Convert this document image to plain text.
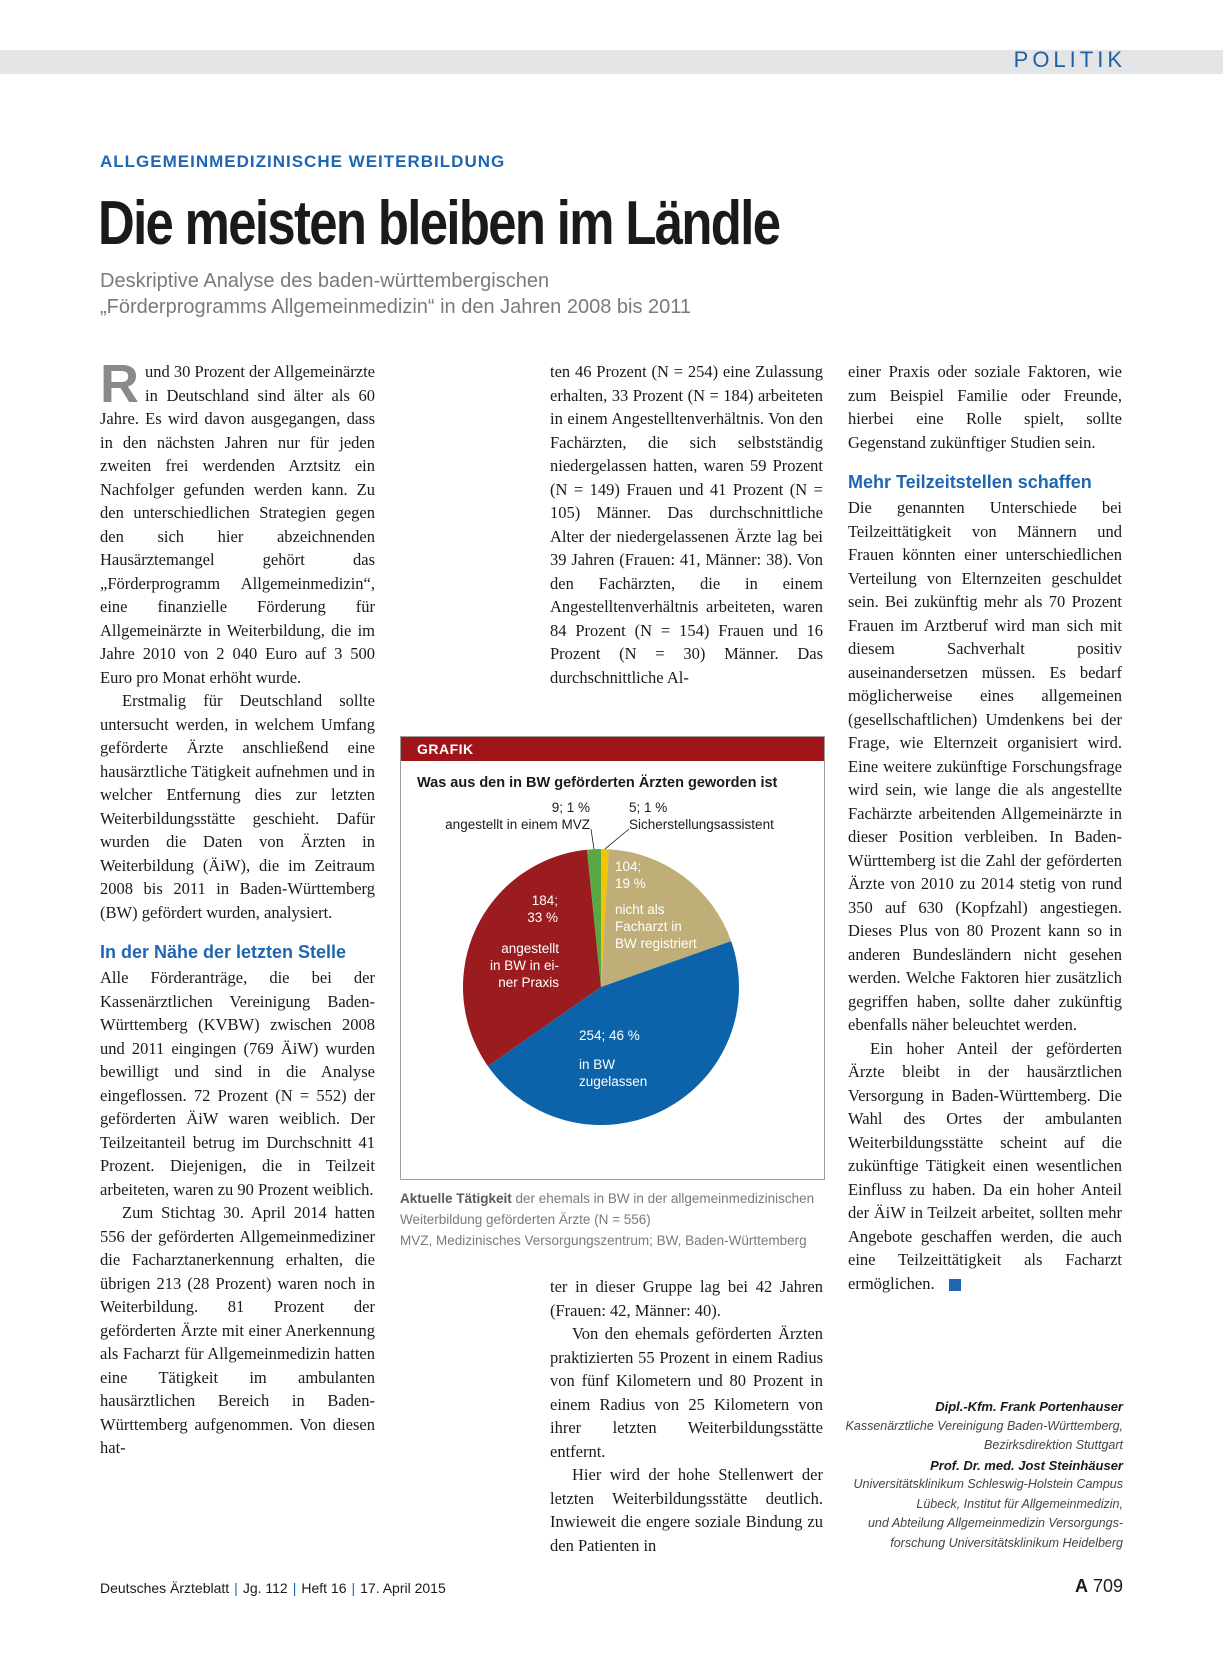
POLITIK
ALLGEMEINMEDIZINISCHE WEITERBILDUNG
Die meisten bleiben im Ländle
Deskriptive Analyse des baden-württembergischen
„Förderprogramms Allgemeinmedizin“ in den Jahren 2008 bis 2011

Rund 30 Prozent der Allgemeinärzte in Deutschland sind älter als 60 Jahre. Es wird davon ausgegangen, dass in den nächsten Jahren nur für jeden zweiten frei werdenden Arztsitz ein Nachfolger gefunden werden kann. Zu den unterschiedlichen Strategien gegen den sich hier abzeichnenden Hausärztemangel gehört das „Förderprogramm Allgemeinmedizin“, eine finanzielle Förderung für Allgemeinärzte in Weiterbildung, die im Jahre 2010 von 2 040 Euro auf 3 500 Euro pro Monat erhöht wurde.

Erstmalig für Deutschland sollte untersucht werden, in welchem Umfang geförderte Ärzte anschließend eine hausärztliche Tätigkeit aufnehmen und in welcher Entfernung dies zur letzten Weiterbildungsstätte geschieht. Dafür wurden die Daten von Ärzten in Weiterbildung (ÄiW), die im Zeitraum 2008 bis 2011 in Baden-Württemberg (BW) gefördert wurden, analysiert.

In der Nähe der letzten Stelle

Alle Förderanträge, die bei der Kassenärztlichen Vereinigung Baden-Württemberg (KVBW) zwischen 2008 und 2011 eingingen (769 ÄiW) wurden bewilligt und sind in die Analyse eingeflossen. 72 Prozent (N = 552) der geförderten ÄiW waren weiblich. Der Teilzeitanteil betrug im Durchschnitt 41 Prozent. Diejenigen, die in Teilzeit arbeiteten, waren zu 90 Prozent weiblich.

Zum Stichtag 30. April 2014 hatten 556 der geförderten Allgemeinmediziner die Facharztanerkennung erhalten, die übrigen 213 (28 Prozent) waren noch in Weiterbildung. 81 Prozent der geförderten Ärzte mit einer Anerkennung als Facharzt für Allgemeinmedizin hatten eine Tätigkeit im ambulanten hausärztlichen Bereich in Baden-Württemberg aufgenommen. Von diesen hat-

ten 46 Prozent (N = 254) eine Zulassung erhalten, 33 Prozent (N = 184) arbeiteten in einem Angestelltenverhältnis. Von den Fachärzten, die sich selbstständig niedergelassen hatten, waren 59 Prozent (N = 149) Frauen und 41 Prozent (N = 105) Männer. Das durchschnittliche Alter der niedergelassenen Ärzte lag bei 39 Jahren (Frauen: 41, Männer: 38). Von den Fachärzten, die in einem Angestelltenverhältnis arbeiteten, waren 84 Prozent (N = 154) Frauen und 16 Prozent (N = 30) Männer. Das durchschnittliche Al-

GRAFIK
Was aus den in BW geförderten Ärzten geworden ist
5; 1 %
Sicherstellungsassistent
9; 1 %
angestellt in einem MVZ
104;
19 %
nicht als
Facharzt in
BW registriert
254; 46 %
in BW
zugelassen
184;
33 %
angestellt
in BW in ei-
ner Praxis
Aktuelle Tätigkeit der ehemals in BW in der allgemeinmedizinischen Weiterbildung geförderten Ärzte (N = 556)
MVZ, Medizinisches Versorgungszentrum; BW, Baden-Württemberg

ter in dieser Gruppe lag bei 42 Jahren (Frauen: 42, Männer: 40).

Von den ehemals geförderten Ärzten praktizierten 55 Prozent in einem Radius von fünf Kilometern und 80 Prozent in einem Radius von 25 Kilometern von ihrer letzten Weiterbildungsstätte entfernt.

Hier wird der hohe Stellenwert der letzten Weiterbildungsstätte deutlich. Inwieweit die engere soziale Bindung zu den Patienten in

einer Praxis oder soziale Faktoren, wie zum Beispiel Familie oder Freunde, hierbei eine Rolle spielt, sollte Gegenstand zukünftiger Studien sein.

Mehr Teilzeitstellen schaffen

Die genannten Unterschiede bei Teilzeittätigkeit von Männern und Frauen könnten einer unterschiedlichen Verteilung von Elternzeiten geschuldet sein. Bei zukünftig mehr als 70 Prozent Frauen im Arztberuf wird man sich mit diesem Sachverhalt positiv auseinandersetzen müssen. Es bedarf möglicherweise eines allgemeinen (gesellschaftlichen) Umdenkens bei der Frage, wie Elternzeit organisiert wird. Eine weitere zukünftige Forschungsfrage wird sein, wie lange die als angestellte Fachärzte arbeitenden Allgemeinärzte in dieser Position verbleiben. In Baden-Württemberg ist die Zahl der geförderten Ärzte von 2010 zu 2014 stetig von rund 350 auf 630 (Kopfzahl) angestiegen. Dieses Plus von 80 Prozent kann so in anderen Bundesländern nicht gesehen werden. Welche Faktoren hier zusätzlich gegriffen haben, sollte daher zukünftig ebenfalls näher beleuchtet werden.

Ein hoher Anteil der geförderten Ärzte bleibt in der hausärztlichen Versorgung in Baden-Württemberg. Die Wahl des Ortes der ambulanten Weiterbildungsstätte scheint auf die zukünftige Tätigkeit einen wesentlichen Einfluss zu haben. Da ein hoher Anteil der ÄiW in Teilzeit arbeitet, sollten mehr Angebote geschaffen werden, die auch eine Teilzeittätigkeit als Facharzt ermöglichen.

Dipl.-Kfm. Frank Portenhauser
Kassenärztliche Vereinigung Baden-Württemberg,
Bezirksdirektion Stuttgart
Prof. Dr. med. Jost Steinhäuser
Universitätsklinikum Schleswig-Holstein Campus
Lübeck, Institut für Allgemeinmedizin,
und Abteilung Allgemeinmedizin Versorgungs-
forschung Universitätsklinikum Heidelberg
Deutsches Ärzteblatt | Jg. 112 | Heft 16 | 17. April 2015	A 709
